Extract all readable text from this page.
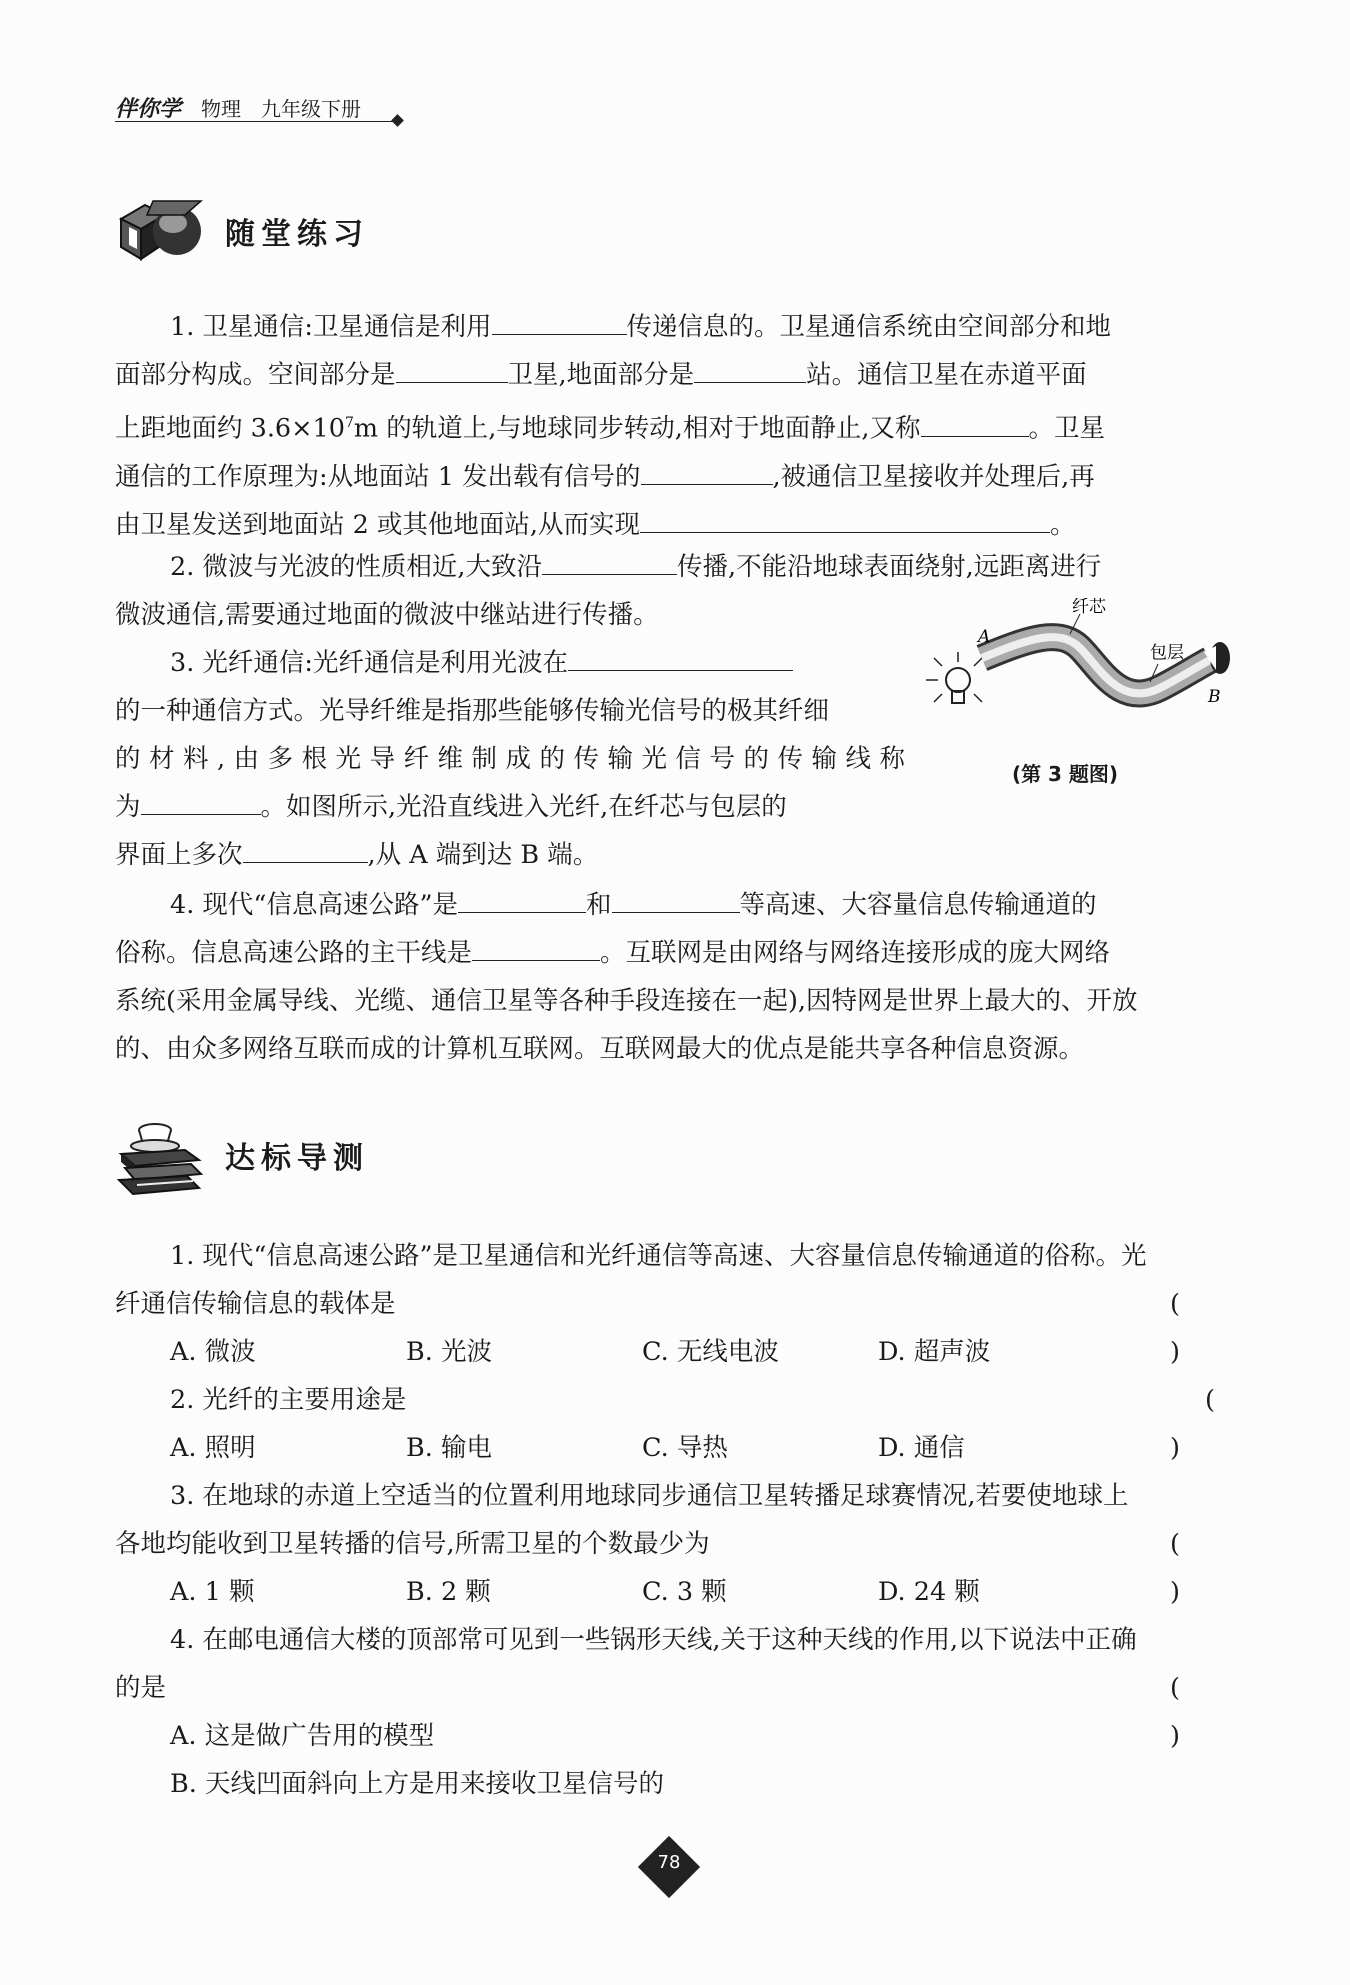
伴你学 物理 九年级下册
随堂练习

1. 卫星通信:卫星通信是利用	传递信息的。卫星通信系统由空间部分和地

面部分构成。空间部分是	卫星,地面部分是	站。通信卫星在赤道平面

上距地面约 $3.6\times 10^7m$ 的轨道上,与地球同步转动,相对于地面静止,又称	。卫星

通信的工作原理为:从地面站 1 发出载有信号的	,被通信卫星接收并处理后,再

由卫星发送到地面站 2 或其他地面站,从而实现	。

2. 微波与光波的性质相近,大致沿	传播,不能沿地球表面绕射,远距离进行

微波通信,需要通过地面的微波中继站进行传播。

3. 光纤通信:光纤通信是利用光波在

的一种通信方式。光导纤维是指那些能够传输光信号的极其纤细

的材料,由多根光导纤维制成的传输光信号的传输线称

为	。如图所示,光沿直线进入光纤,在纤芯与包层的

界面上多次	,从 A 端到达 B 端。

纤芯
包层
A
B
(第 3 题图)

4. 现代“信息高速公路”是	和	等高速、大容量信息传输通道的

俗称。信息高速公路的主干线是	。互联网是由网络与网络连接形成的庞大网络

系统(采用金属导线、光缆、通信卫星等各种手段连接在一起),因特网是世界上最大的、开放

的、由众多网络互联而成的计算机互联网。互联网最大的优点是能共享各种信息资源。

达标导测

1. 现代“信息高速公路”是卫星通信和光纤通信等高速、大容量信息传输通道的俗称。光

纤通信传输信息的载体是	( )

A. 微波	B. 光波	C. 无线电波	D. 超声波

2. 光纤的主要用途是	( )

A. 照明	B. 输电	C. 导热	D. 通信

3. 在地球的赤道上空适当的位置利用地球同步通信卫星转播足球赛情况,若要使地球上

各地均能收到卫星转播的信号,所需卫星的个数最少为	( )

A. 1 颗	B. 2 颗	C. 3 颗	D. 24 颗

4. 在邮电通信大楼的顶部常可见到一些锅形天线,关于这种天线的作用,以下说法中正确

的是	( )

A. 这是做广告用的模型
B. 天线凹面斜向上方是用来接收卫星信号的
78
